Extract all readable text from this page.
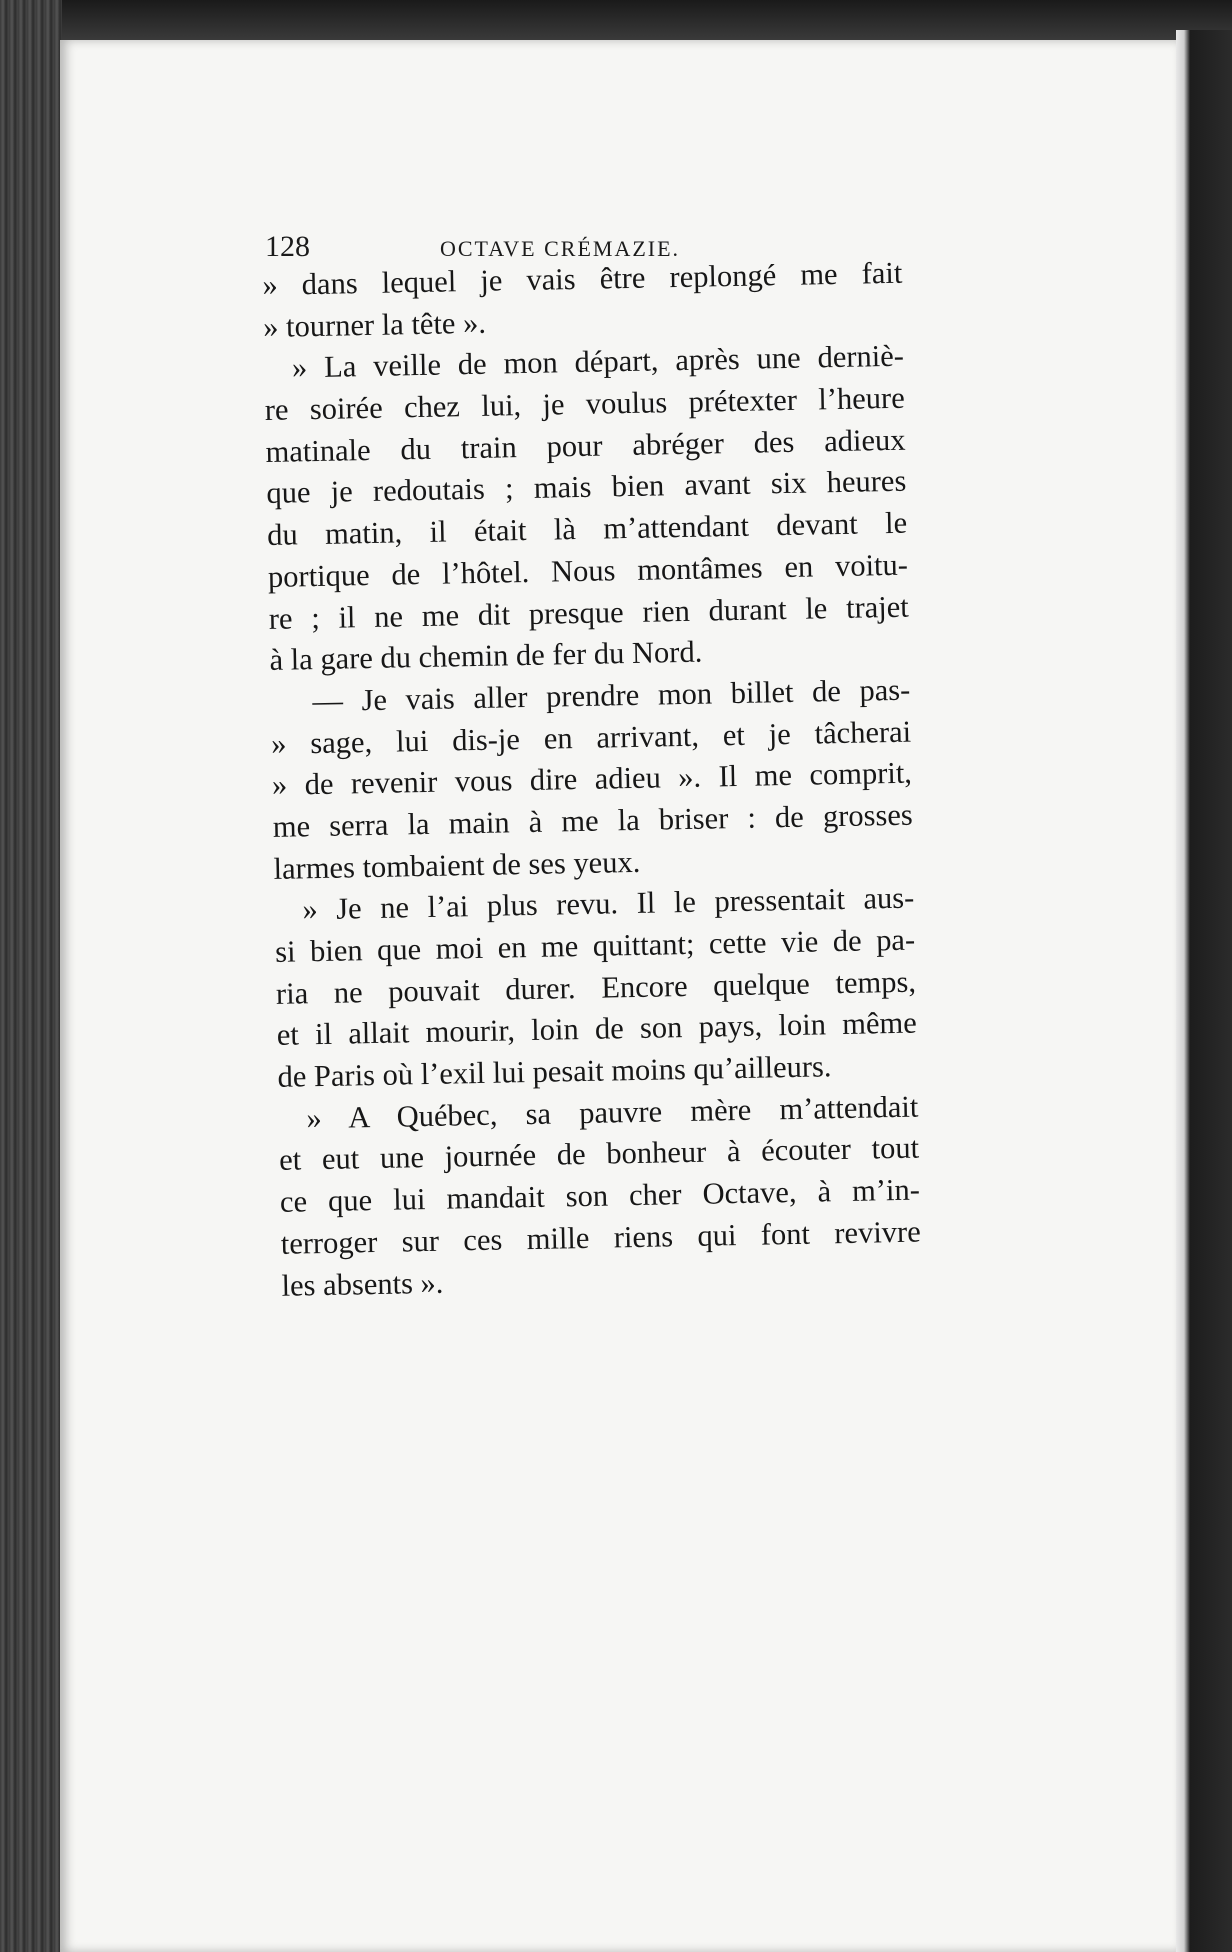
128	OCTAVE CRÉMAZIE.
» dans lequel je vais être replongé me fait
» tourner la tête ».
» La veille de mon départ, après une derniè-
re soirée chez lui, je voulus prétexter l’heure
matinale du train pour abréger des adieux
que je redoutais ; mais bien avant six heures
du matin, il était là m’attendant devant le
portique de l’hôtel. Nous montâmes en voitu-
re ; il ne me dit presque rien durant le trajet
à la gare du chemin de fer du Nord.
— Je vais aller prendre mon billet de pas-
» sage, lui dis-je en arrivant, et je tâcherai
» de revenir vous dire adieu ». Il me comprit,
me serra la main à me la briser : de grosses
larmes tombaient de ses yeux.
» Je ne l’ai plus revu. Il le pressentait aus-
si bien que moi en me quittant; cette vie de pa-
ria ne pouvait durer. Encore quelque temps,
et il allait mourir, loin de son pays, loin même
de Paris où l’exil lui pesait moins qu’ailleurs.
» A Québec, sa pauvre mère m’attendait
et eut une journée de bonheur à écouter tout
ce que lui mandait son cher Octave, à m’in-
terroger sur ces mille riens qui font revivre
les absents ».
